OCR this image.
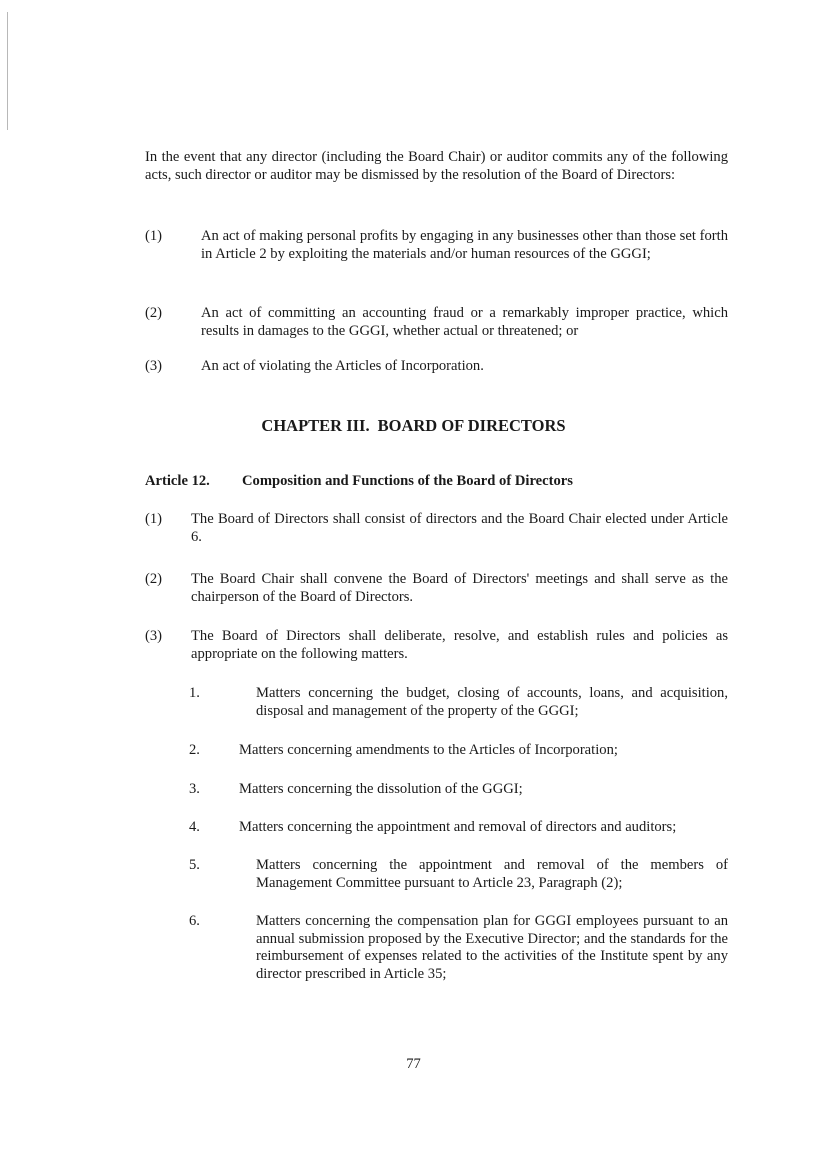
In the event that any director (including the Board Chair) or auditor commits any of the following acts, such director or auditor may be dismissed by the resolution of the Board of Directors:

(1)	An act of making personal profits by engaging in any businesses other than those set forth in Article 2 by exploiting the materials and/or human resources of the GGGI;
(2)	An act of committing an accounting fraud or a remarkably improper practice, which results in damages to the GGGI, whether actual or threatened; or
(3)	An act of violating the Articles of Incorporation.
CHAPTER III. BOARD OF DIRECTORS
Article 12. Composition and Functions of the Board of Directors
(1) The Board of Directors shall consist of directors and the Board Chair elected under Article 6.
(2) The Board Chair shall convene the Board of Directors' meetings and shall serve as the chairperson of the Board of Directors.
(3) The Board of Directors shall deliberate, resolve, and establish rules and policies as appropriate on the following matters.
1.	Matters concerning the budget, closing of accounts, loans, and acquisition, disposal and management of the property of the GGGI;
2.	Matters concerning amendments to the Articles of Incorporation;
3.	Matters concerning the dissolution of the GGGI;
4.	Matters concerning the appointment and removal of directors and auditors;
5.	Matters concerning the appointment and removal of the members of Management Committee pursuant to Article 23, Paragraph (2);
6.	Matters concerning the compensation plan for GGGI employees pursuant to an annual submission proposed by the Executive Director; and the standards for the reimbursement of expenses related to the activities of the Institute spent by any director prescribed in Article 35;
77
